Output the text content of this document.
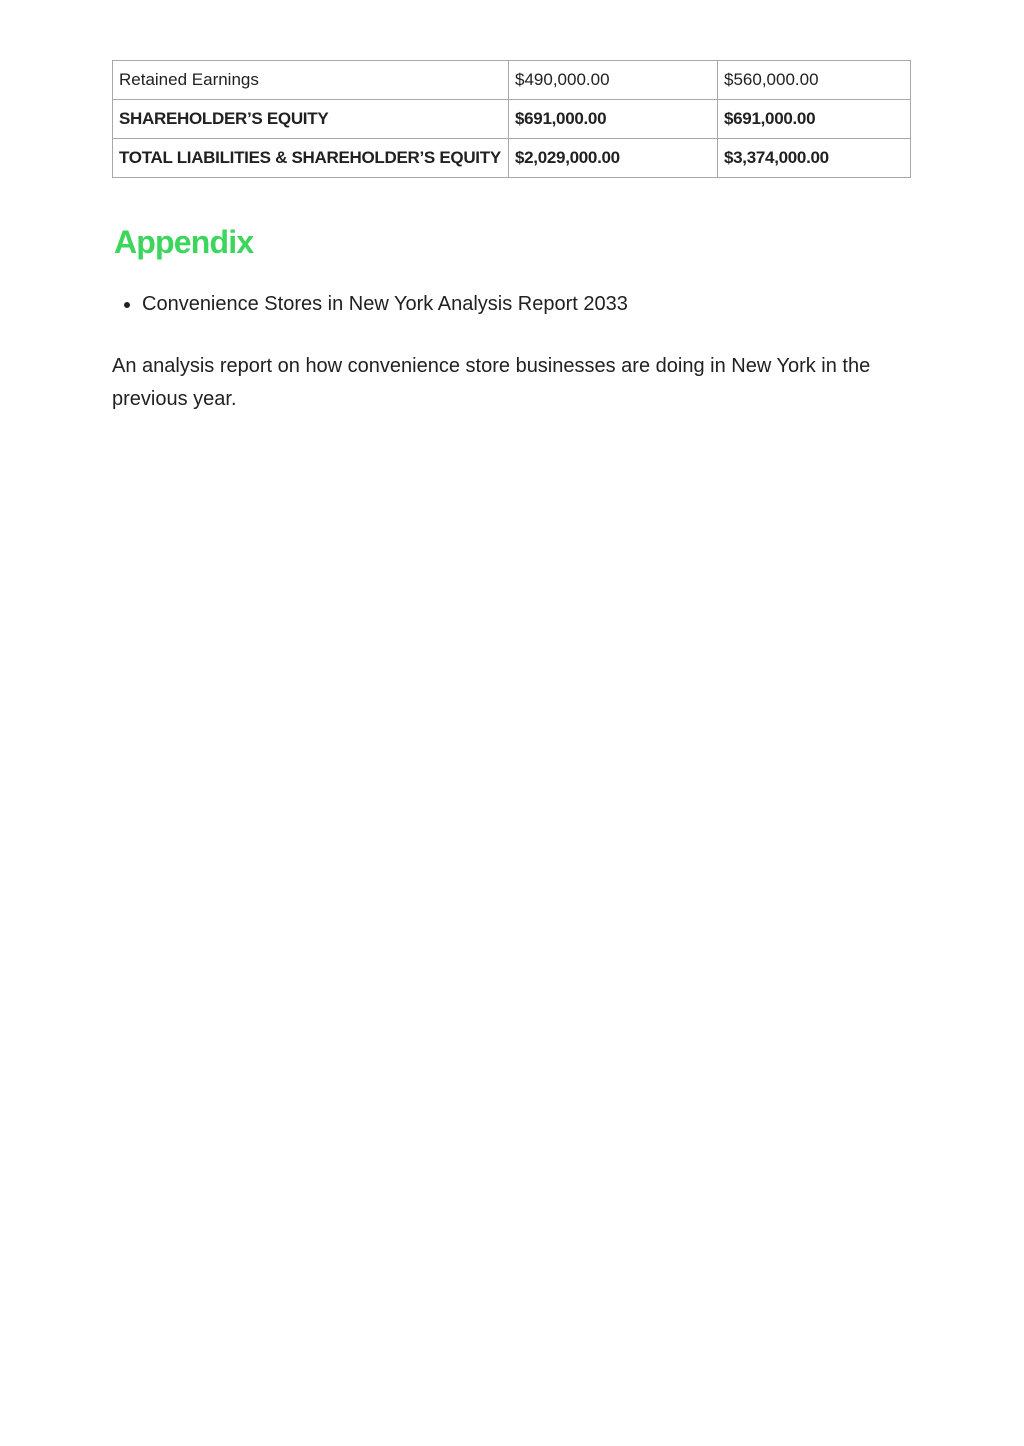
Retained Earnings	$490,000.00	$560,000.00
SHAREHOLDER’S EQUITY	$691,000.00	$691,000.00
TOTAL LIABILITIES & SHAREHOLDER’S EQUITY	$2,029,000.00	$3,374,000.00
Appendix
• Convenience Stores in New York Analysis Report 2033

An analysis report on how convenience store businesses are doing in New York in the previous year.
